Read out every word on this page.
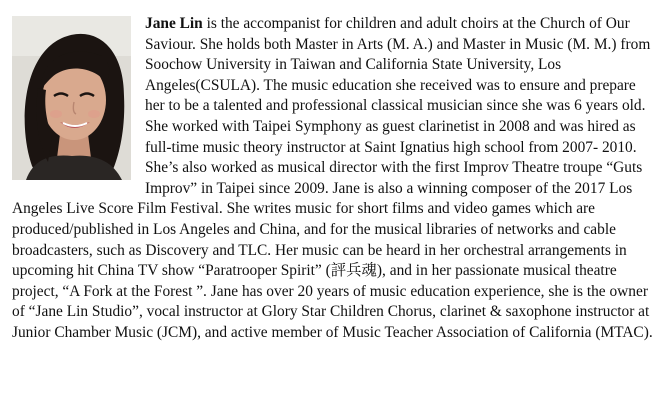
Jane Lin is the accompanist for children and adult choirs at the Church of Our Saviour. She holds both Master in Arts (M. A.) and Master in Music (M. M.) from Soochow University in Taiwan and California State University, Los Angeles(CSULA). The music education she received was to ensure and prepare her to be a talented and professional classical musician since she was 6 years old. She worked with Taipei Symphony as guest clarinetist in 2008 and was hired as full-time music theory instructor at Saint Ignatius high school from 2007- 2010. She’s also worked as musical director with the first Improv Theatre troupe “Guts Improv” in Taipei since 2009. Jane is also a winning composer of the 2017 Los Angeles Live Score Film Festival. She writes music for short films and video games which are produced/published in Los Angeles and China, and for the musical libraries of networks and cable broadcasters, such as Discovery and TLC. Her music can be heard in her orchestral arrangements in upcoming hit China TV show “Paratrooper Spirit” (評兵魂), and in her passionate musical theatre project, “A Fork at the Forest ”. Jane has over 20 years of music education experience, she is the owner of “Jane Lin Studio”, vocal instructor at Glory Star Children Chorus, clarinet & saxophone instructor at Junior Chamber Music (JCM), and active member of Music Teacher Association of California (MTAC).
